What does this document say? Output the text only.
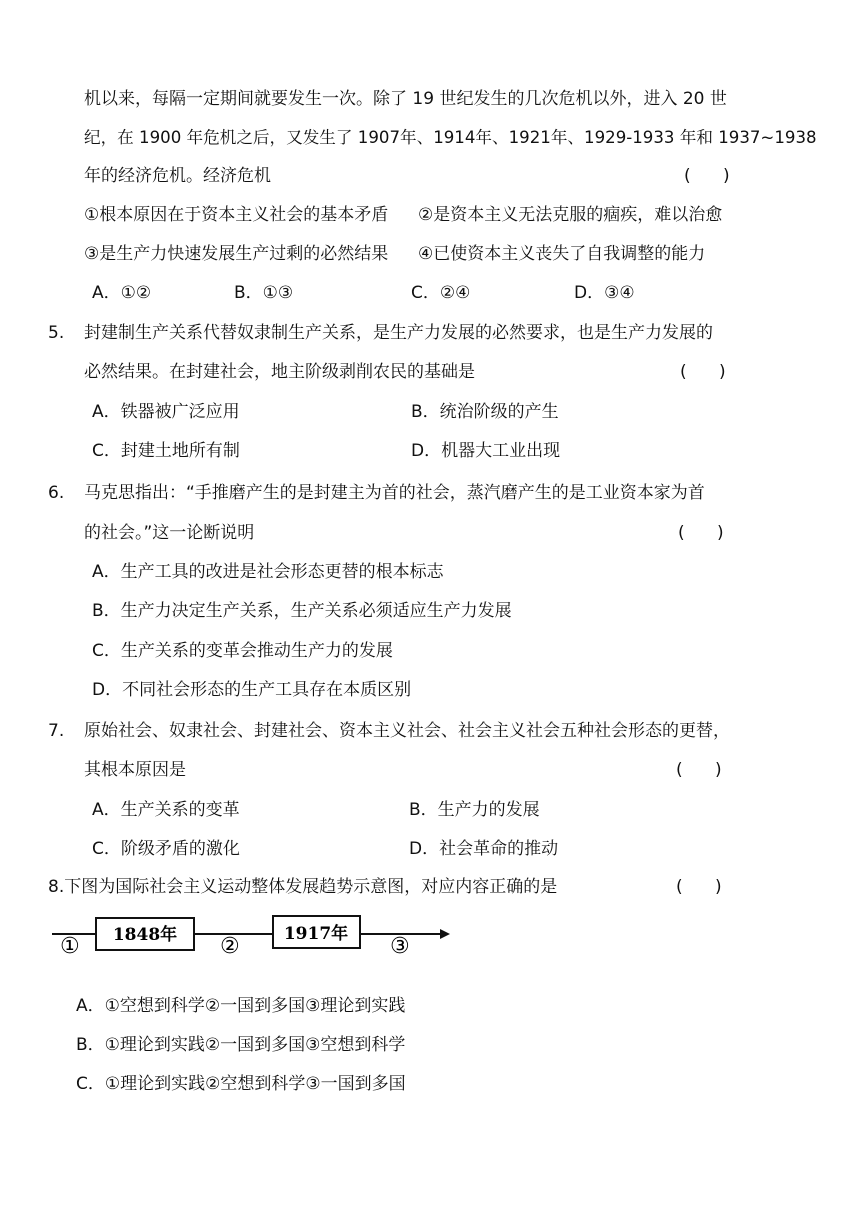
机以来，每隔一定期间就要发生一次。除了 19 世纪发生的几次危机以外，进入 20 世
纪，在 1900 年危机之后，又发生了 1907年、1914年、1921年、1929-1933 年和 1937~1938
年的经济危机。经济危机	(      )
①根本原因在于资本主义社会的基本矛盾 ②是资本主义无法克服的痼疾，难以治愈
③是生产力快速发展生产过剩的必然结果 ④已使资本主义丧失了自我调整的能力
A．①②	B．①③	C．②④	D．③④
5. 封建制生产关系代替奴隶制生产关系，是生产力发展的必然要求，也是生产力发展的
必然结果。在封建社会，地主阶级剥削农民的基础是	(      )
A．铁器被广泛应用	B．统治阶级的产生
C．封建土地所有制	D．机器大工业出现
6. 马克思指出：“手推磨产生的是封建主为首的社会，蒸汽磨产生的是工业资本家为首
的社会。”这一论断说明	(      )
A．生产工具的改进是社会形态更替的根本标志
B．生产力决定生产关系，生产关系必须适应生产力发展
C．生产关系的变革会推动生产力的发展
D．不同社会形态的生产工具存在本质区别
7. 原始社会、奴隶社会、封建社会、资本主义社会、社会主义社会五种社会形态的更替，
其根本原因是	(      )
A．生产关系的变革	B．生产力的发展
C．阶级矛盾的激化	D．社会革命的推动
8.下图为国际社会主义运动整体发展趋势示意图，对应内容正确的是	(      )
① 1848年 ②	1917年 ③
A．①空想到科学②一国到多国③理论到实践
B．①理论到实践②一国到多国③空想到科学
C．①理论到实践②空想到科学③一国到多国
